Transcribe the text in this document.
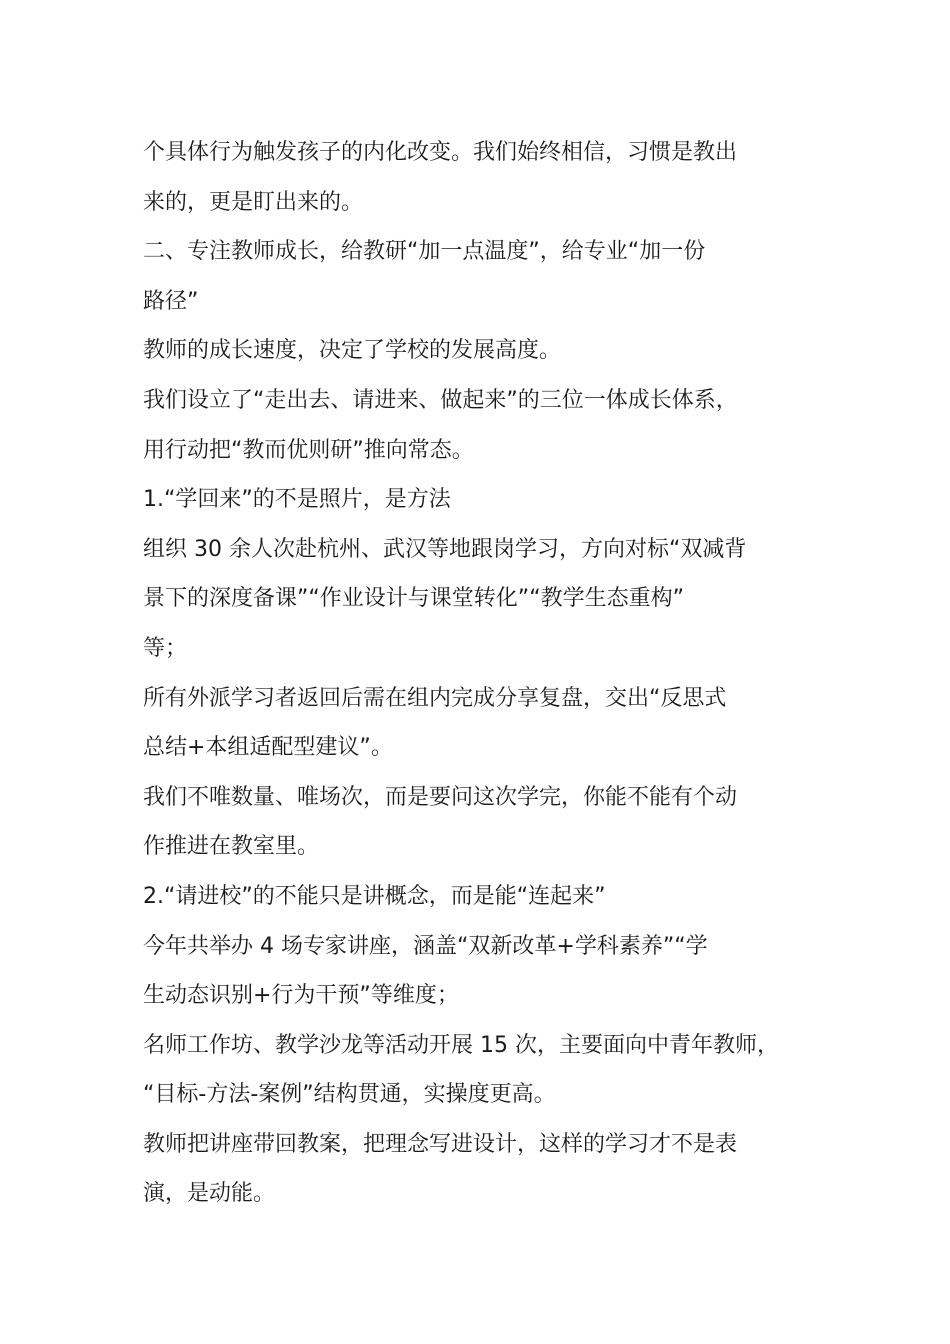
个具体行为触发孩子的内化改变。我们始终相信，习惯是教出
来的，更是盯出来的。
二、专注教师成长，给教研“加一点温度”，给专业“加一份
路径”
教师的成长速度，决定了学校的发展高度。
我们设立了“走出去、请进来、做起来”的三位一体成长体系，
用行动把“教而优则研”推向常态。
1.“学回来”的不是照片，是方法
组织 30 余人次赴杭州、武汉等地跟岗学习，方向对标“双减背
景下的深度备课”“作业设计与课堂转化”“教学生态重构”
等；
所有外派学习者返回后需在组内完成分享复盘，交出“反思式
总结+本组适配型建议”。
我们不唯数量、唯场次，而是要问这次学完，你能不能有个动
作推进在教室里。
2.“请进校”的不能只是讲概念，而是能“连起来”
今年共举办 4 场专家讲座，涵盖“双新改革+学科素养”“学
生动态识别+行为干预”等维度；
名师工作坊、教学沙龙等活动开展 15 次，主要面向中青年教师，
“目标-方法-案例”结构贯通，实操度更高。
教师把讲座带回教案，把理念写进设计，这样的学习才不是表
演，是动能。
